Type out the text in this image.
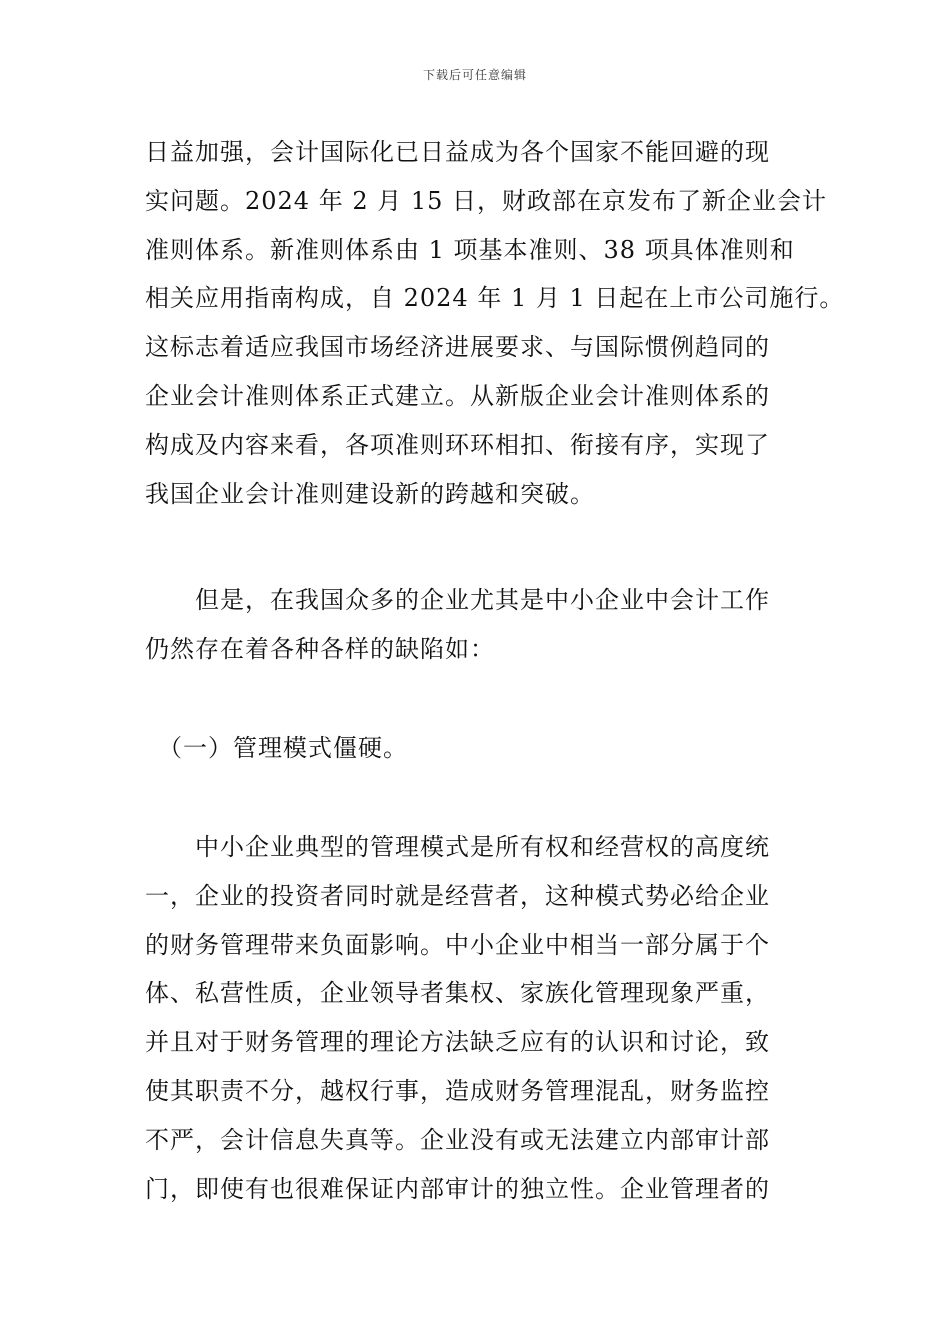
下载后可任意编辑
日益加强，会计国际化已日益成为各个国家不能回避的现
实问题。2024 年 2 月 15 日，财政部在京发布了新企业会计
准则体系。新准则体系由 1 项基本准则、38 项具体准则和
相关应用指南构成，自 2024 年 1 月 1 日起在上市公司施行。
这标志着适应我国市场经济进展要求、与国际惯例趋同的
企业会计准则体系正式建立。从新版企业会计准则体系的
构成及内容来看，各项准则环环相扣、衔接有序，实现了
我国企业会计准则建设新的跨越和突破。
　　但是，在我国众多的企业尤其是中小企业中会计工作
仍然存在着各种各样的缺陷如：
　（一）管理模式僵硬。
　　中小企业典型的管理模式是所有权和经营权的高度统
一，企业的投资者同时就是经营者，这种模式势必给企业
的财务管理带来负面影响。中小企业中相当一部分属于个
体、私营性质，企业领导者集权、家族化管理现象严重，
并且对于财务管理的理论方法缺乏应有的认识和讨论，致
使其职责不分，越权行事，造成财务管理混乱，财务监控
不严，会计信息失真等。企业没有或无法建立内部审计部
门，即使有也很难保证内部审计的独立性。企业管理者的
